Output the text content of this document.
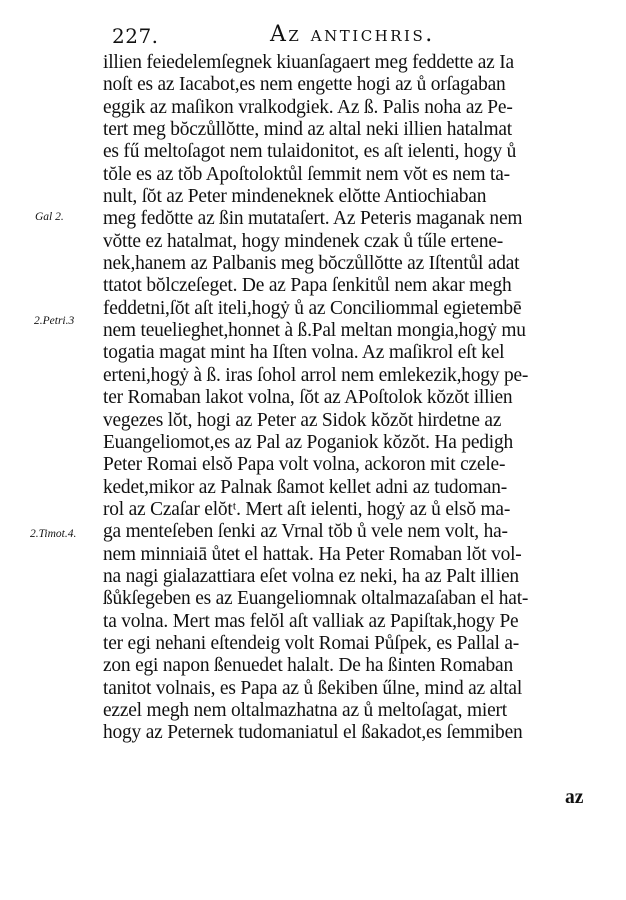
227.	Az antichris.
Gal 2.
2.Petri.3
2.Timot.4.
illien feiedelemſegnek kiuanſagaert meg feddette az Ia
noſt es az Iacabot,es nem engette hogi az ů orſagaban
eggik az maſikon vralkodgiek. Az ß. Palis noha az Pe-
tert meg bŏczůllŏtte, mind az altal neki illien hatalmat
es fű meltoſagot nem tulaidonitot, es aſt ielenti, hogy ů
tŏle es az tŏb Apoſtoloktůl ſemmit nem vŏt es nem ta-
nult, ſŏt az Peter mindeneknek elŏtte Antiochiaban
meg fedŏtte az ßin mutataſert. Az Peteris maganak nem
vŏtte ez hatalmat, hogy mindenek czak ů tűle ertene-
nek,hanem az Palbanis meg bŏczůllŏtte az Iſtentůl adat
ttatot bŏlczeſeget. De az Papa ſenkitůl nem akar megh
feddetni,ſŏt aſt iteli,hogẏ ů az Conciliommal egietembē
nem teuelieghet,honnet à ß.Pal meltan mongia,hogẏ mu
togatia magat mint ha Iſten volna. Az maſikrol eſt kel
erteni,hogẏ à ß. iras ſohol arrol nem emlekezik,hogy pe-
ter Romaban lakot volna, ſŏt az APoſtolok kŏzŏt illien
vegezes lŏt, hogi az Peter az Sidok kŏzŏt hirdetne az
Euangeliomot,es az Pal az Poganiok kŏzŏt. Ha pedigh
Peter Romai elsŏ Papa volt volna, ackoron mit czele-
kedet,mikor az Palnak ßamot kellet adni az tudoman-
rol az Czaſar elŏtᵗ. Mert aſt ielenti, hogẏ az ů elsŏ ma-
ga menteſeben ſenki az Vrnal tŏb ů vele nem volt, ha-
nem minniaiā ůtet el hattak. Ha Peter Romaban lŏt vol-
na nagi gialazattiara eſet volna ez neki, ha az Palt illien
ßůkſegeben es az Euangeliomnak oltalmazaſaban el hat-
ta volna. Mert mas felŏl aſt valliak az Papiſtak,hogy Pe
ter egi nehani eſtendeig volt Romai Půſpek, es Pallal a-
zon egi napon ßenuedet halalt. De ha ßinten Romaban
tanitot volnais, es Papa az ů ßekiben űlne, mind az altal
ezzel megh nem oltalmazhatna az ů meltoſagat, miert
hogy az Peternek tudomaniatul el ßakadot,es ſemmiben
az
